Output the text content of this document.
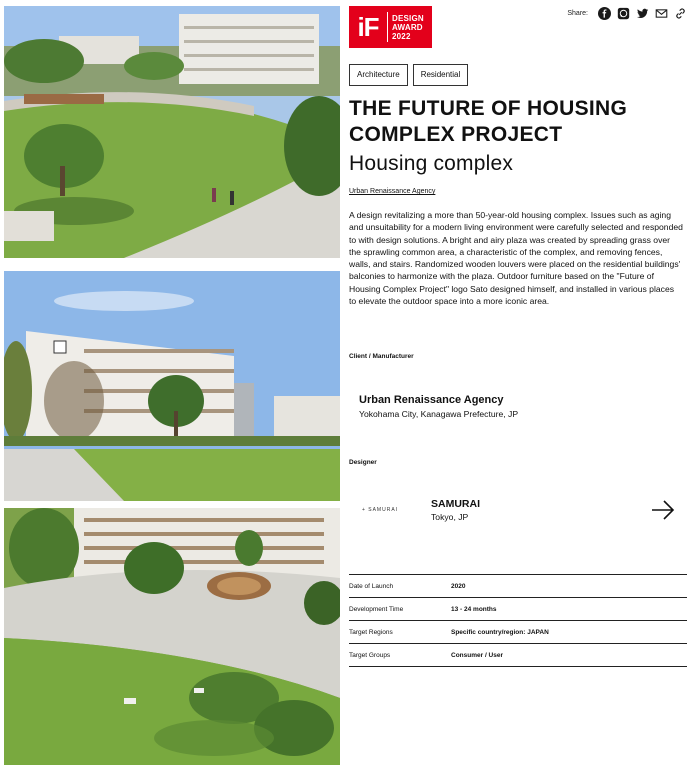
iF	DESIGN
AWARD
2022
Share:
Architecture	Residential
THE FUTURE OF HOUSING COMPLEX PROJECT
Housing complex
Urban Renaissance Agency

A design revitalizing a more than 50-year-old housing complex. Issues such as aging and unsuitability for a modern living environment were carefully selected and responded to with design solutions. A bright and airy plaza was created by spreading grass over the sprawling common area, a characteristic of the complex, and removing fences, walls, and stairs. Randomized wooden louvers were placed on the residential buildings' balconies to harmonize with the plaza. Outdoor furniture based on the "Future of Housing Complex Project" logo Sato designed himself, and installed in various places to elevate the outdoor space into a more iconic area.

Client / Manufacturer
Urban Renaissance Agency
Yokohama City, Kanagawa Prefecture, JP
Designer
+ SAMURAI	SAMURAI
Tokyo, JP
Date of Launch	2020
Development Time	13 - 24 months
Target Regions	Specific country/region: JAPAN
Target Groups	Consumer / User
